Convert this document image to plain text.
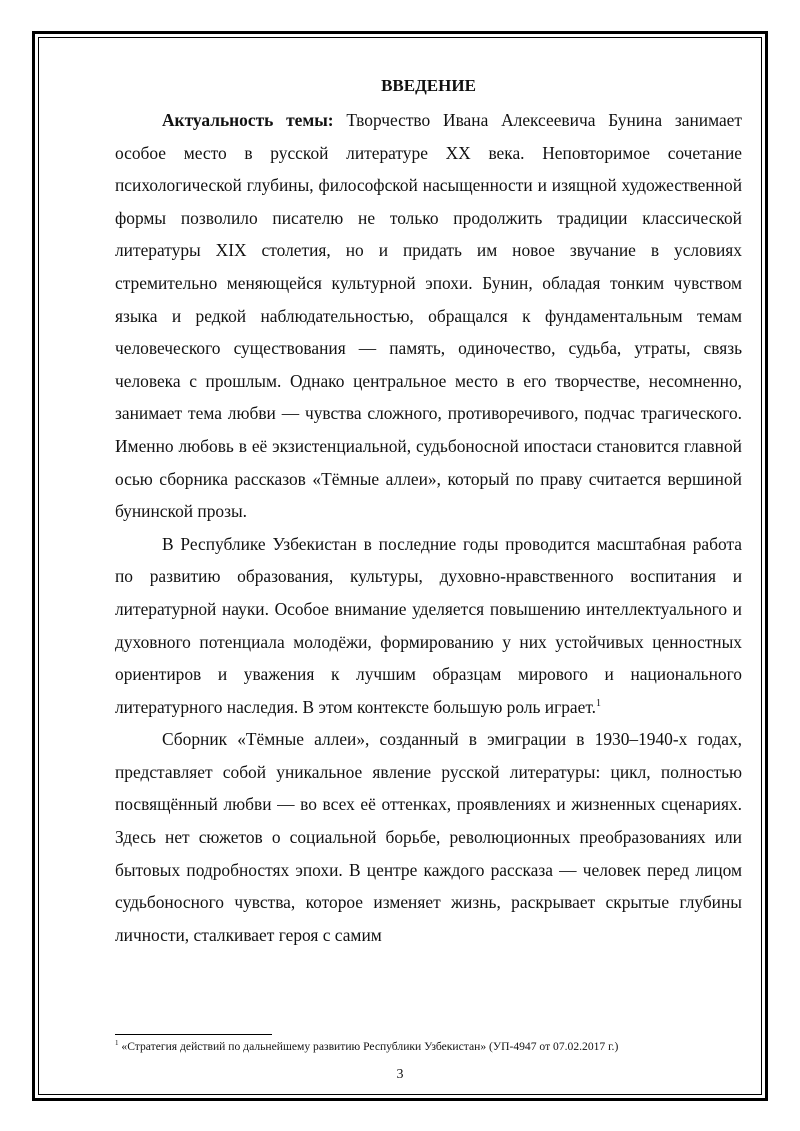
ВВЕДЕНИЕ

Актуальность темы: Творчество Ивана Алексеевича Бунина занимает особое место в русской литературе XX века. Неповторимое сочетание психологической глубины, философской насыщенности и изящной художественной формы позволило писателю не только продолжить традиции классической литературы XIX столетия, но и придать им новое звучание в условиях стремительно меняющейся культурной эпохи. Бунин, обладая тонким чувством языка и редкой наблюдательностью, обращался к фундаментальным темам человеческого существования — память, одиночество, судьба, утраты, связь человека с прошлым. Однако центральное место в его творчестве, несомненно, занимает тема любви — чувства сложного, противоречивого, подчас трагического. Именно любовь в её экзистенциальной, судьбоносной ипостаси становится главной осью сборника рассказов «Тёмные аллеи», который по праву считается вершиной бунинской прозы.

В Республике Узбекистан в последние годы проводится масштабная работа по развитию образования, культуры, духовно-нравственного воспитания и литературной науки. Особое внимание уделяется повышению интеллектуального и духовного потенциала молодёжи, формированию у них устойчивых ценностных ориентиров и уважения к лучшим образцам мирового и национального литературного наследия. В этом контексте большую роль играет.$^1$

Сборник «Тёмные аллеи», созданный в эмиграции в 1930–1940-х годах, представляет собой уникальное явление русской литературы: цикл, полностью посвящённый любви — во всех её оттенках, проявлениях и жизненных сценариях. Здесь нет сюжетов о социальной борьбе, революционных преобразованиях или бытовых подробностях эпохи. В центре каждого рассказа — человек перед лицом судьбоносного чувства, которое изменяет жизнь, раскрывает скрытые глубины личности, сталкивает героя с самим

$^1$ «Стратегия действий по дальнейшему развитию Республики Узбекистан» (УП-4947 от 07.02.2017 г.)
3
